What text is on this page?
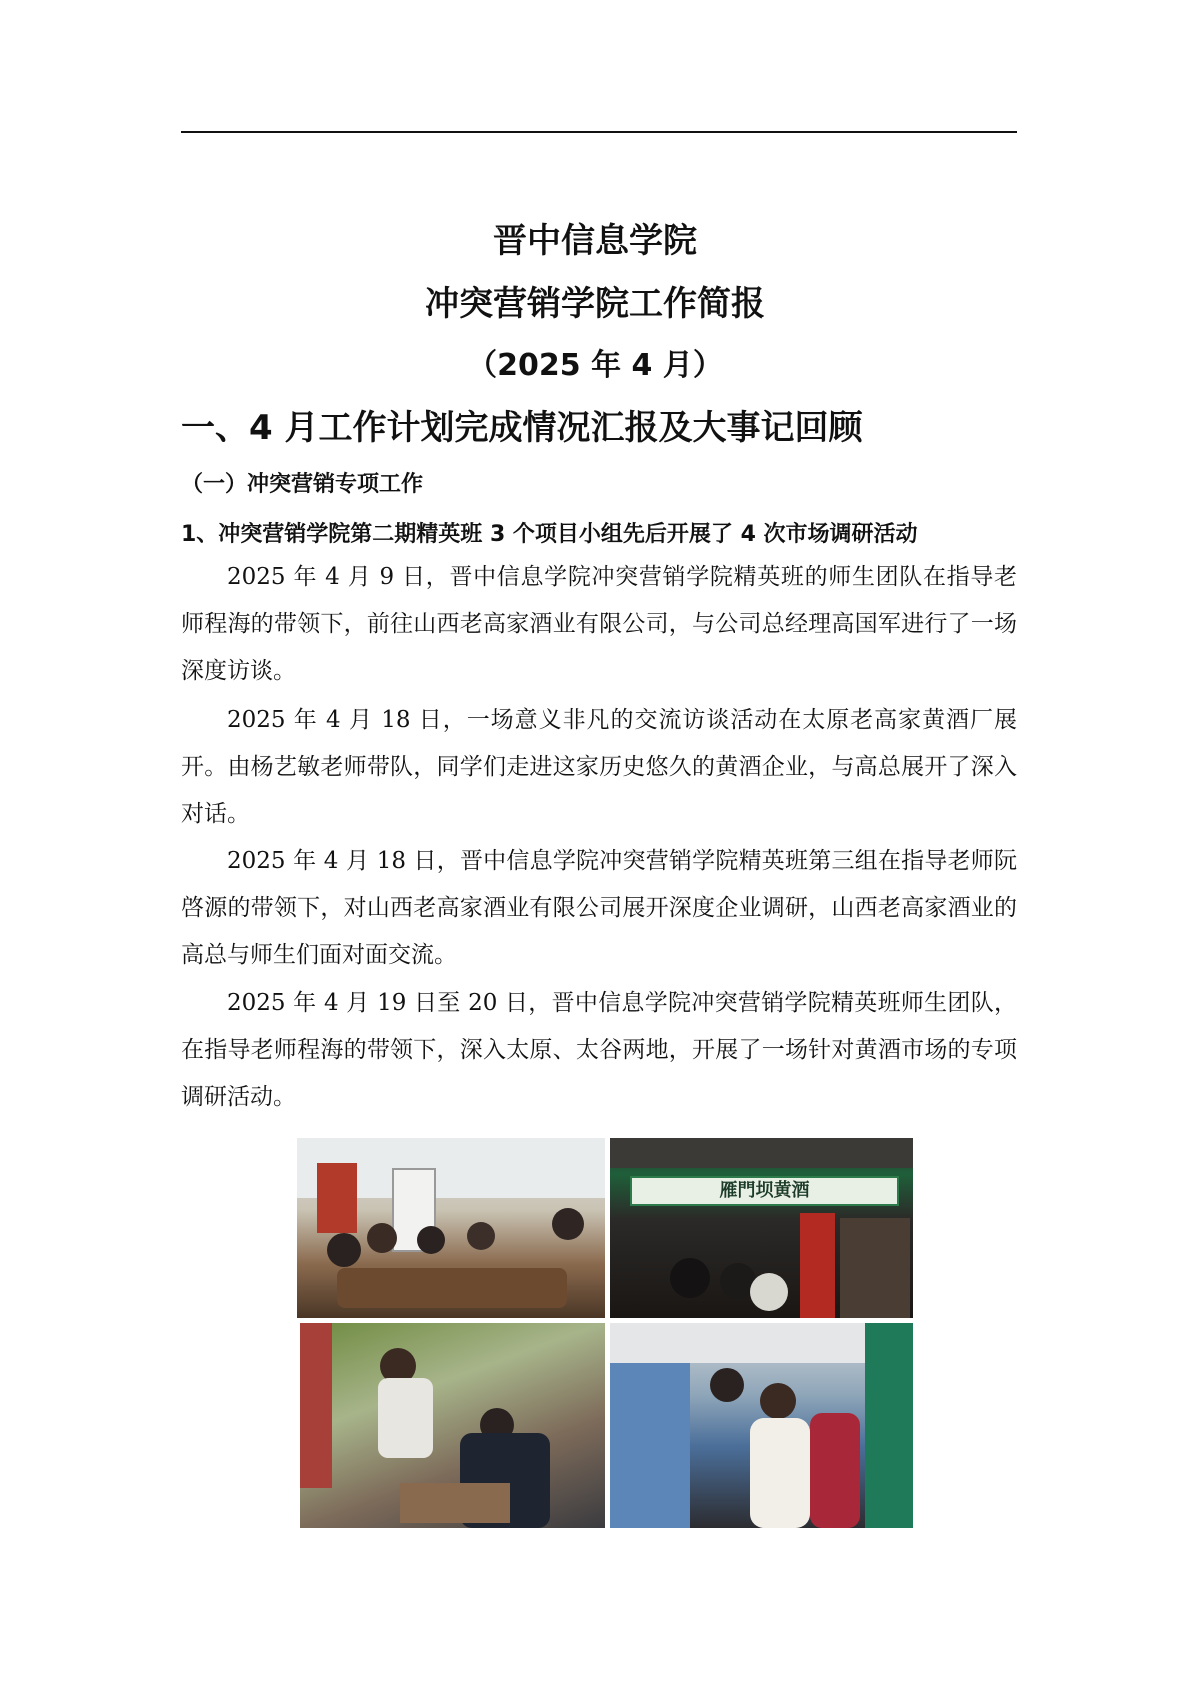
晋中信息学院
冲突营销学院工作简报
（2025 年 4 月）
一、4 月工作计划完成情况汇报及大事记回顾
（一）冲突营销专项工作
1、冲突营销学院第二期精英班 3 个项目小组先后开展了 4 次市场调研活动

2025 年 4 月 9 日，晋中信息学院冲突营销学院精英班的师生团队在指导老师程海的带领下，前往山西老高家酒业有限公司，与公司总经理高国军进行了一场深度访谈。

2025 年 4 月 18 日，一场意义非凡的交流访谈活动在太原老高家黄酒厂展开。由杨艺敏老师带队，同学们走进这家历史悠久的黄酒企业，与高总展开了深入对话。

2025 年 4 月 18 日，晋中信息学院冲突营销学院精英班第三组在指导老师阮啓源的带领下，对山西老高家酒业有限公司展开深度企业调研，山西老高家酒业的高总与师生们面对面交流。

2025 年 4 月 19 日至 20 日，晋中信息学院冲突营销学院精英班师生团队，在指导老师程海的带领下，深入太原、太谷两地，开展了一场针对黄酒市场的专项调研活动。

雁門坝黄酒
